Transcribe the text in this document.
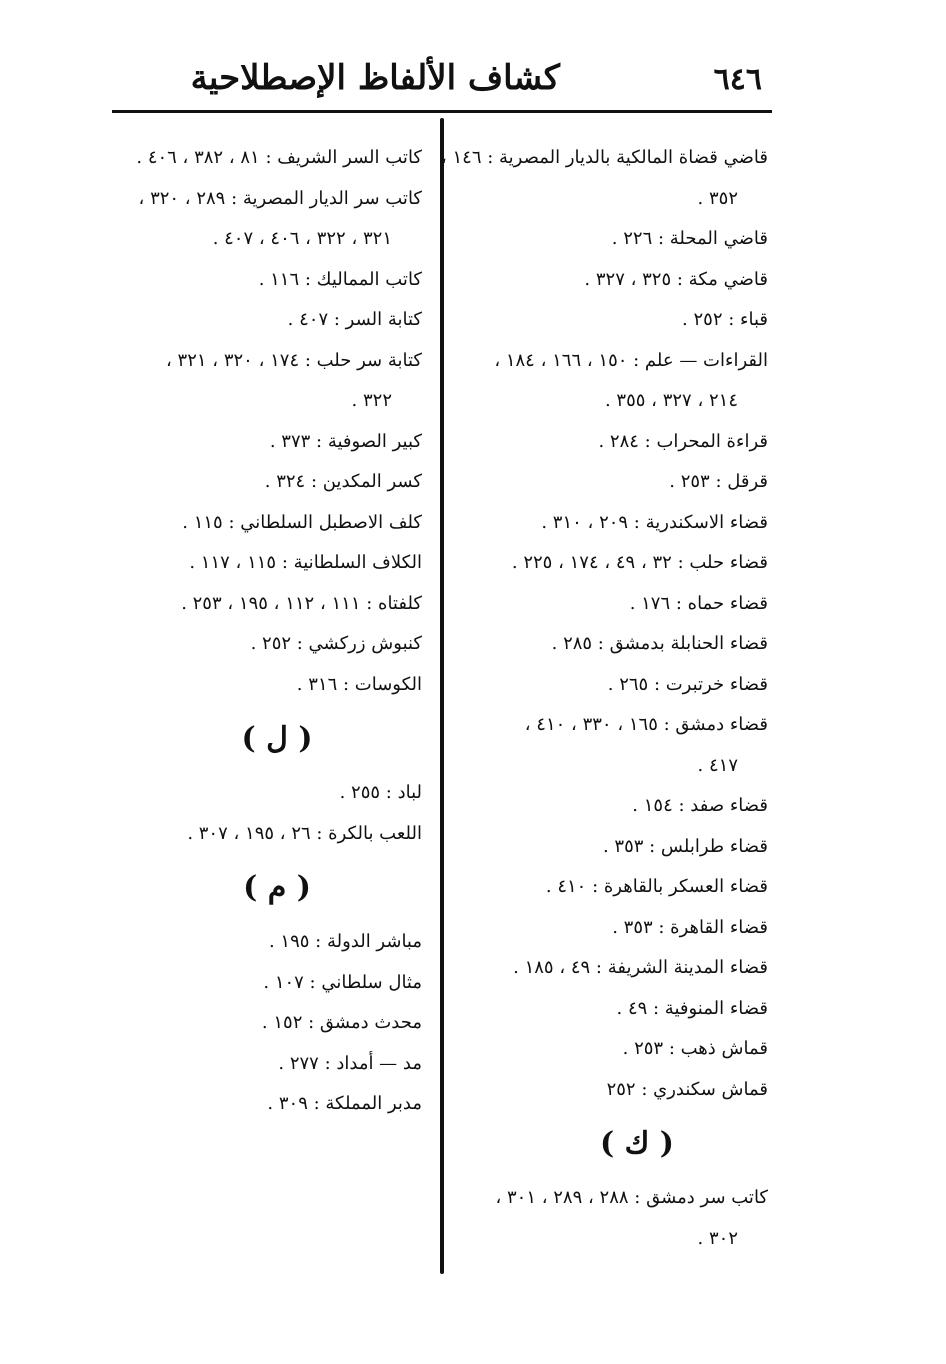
٦٤٦
كشاف الألفاظ الإصطلاحية
قاضي قضاة المالكية بالديار المصرية : ١٤٦ ،
٣٥٢ .
قاضي المحلة : ٢٢٦ .
قاضي مكة : ٣٢٥ ، ٣٢٧ .
قباء : ٢٥٢ .
القراءات — علم : ١٥٠ ، ١٦٦ ، ١٨٤ ،
٢١٤ ، ٣٢٧ ، ٣٥٥ .
قراءة المحراب : ٢٨٤ .
قرقل : ٢٥٣ .
قضاء الاسكندرية : ٢٠٩ ، ٣١٠ .
قضاء حلب : ٣٢ ، ٤٩ ، ١٧٤ ، ٢٢٥ .
قضاء حماه : ١٧٦ .
قضاء الحنابلة بدمشق : ٢٨٥ .
قضاء خرتبرت : ٢٦٥ .
قضاء دمشق : ١٦٥ ، ٣٣٠ ، ٤١٠ ،
٤١٧ .
قضاء صفد : ١٥٤ .
قضاء طرابلس : ٣٥٣ .
قضاء العسكر بالقاهرة : ٤١٠ .
قضاء القاهرة : ٣٥٣ .
قضاء المدينة الشريفة : ٤٩ ، ١٨٥ .
قضاء المنوفية : ٤٩ .
قماش ذهب : ٢٥٣ .
قماش سكندري : ٢٥٢
( ك )
كاتب سر دمشق : ٢٨٨ ، ٢٨٩ ، ٣٠١ ،
٣٠٢ .
كاتب السر الشريف : ٨١ ، ٣٨٢ ، ٤٠٦ .
كاتب سر الديار المصرية : ٢٨٩ ، ٣٢٠ ،
٣٢١ ، ٣٢٢ ، ٤٠٦ ، ٤٠٧ .
كاتب المماليك : ١١٦ .
كتابة السر : ٤٠٧ .
كتابة سر حلب : ١٧٤ ، ٣٢٠ ، ٣٢١ ،
٣٢٢ .
كبير الصوفية : ٣٧٣ .
كسر المكدين : ٣٢٤ .
كلف الاصطبل السلطاني : ١١٥ .
الكلاف السلطانية : ١١٥ ، ١١٧ .
كلفتاه : ١١١ ، ١١٢ ، ١٩٥ ، ٢٥٣ .
كنبوش زركشي : ٢٥٢ .
الكوسات : ٣١٦ .
( ل )
لباد : ٢٥٥ .
اللعب بالكرة : ٢٦ ، ١٩٥ ، ٣٠٧ .
( م )
مباشر الدولة : ١٩٥ .
مثال سلطاني : ١٠٧ .
محدث دمشق : ١٥٢ .
مد — أمداد : ٢٧٧ .
مدبر المملكة : ٣٠٩ .
